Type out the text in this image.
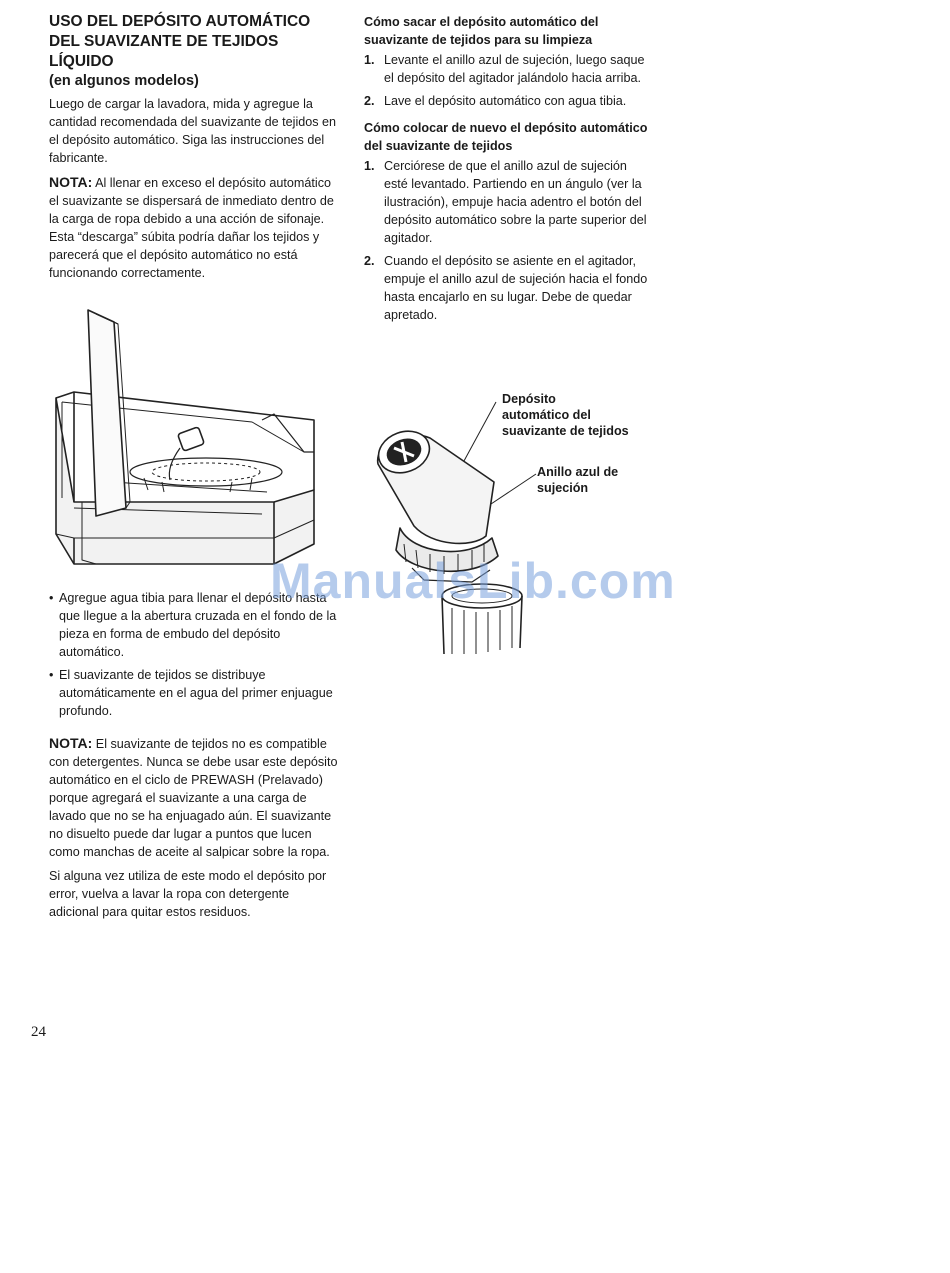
USO DEL DEPÓSITO AUTOMÁTICO
DEL SUAVIZANTE DE TEJIDOS
LÍQUIDO
(en algunos modelos)

Luego de cargar la lavadora, mida y agregue la cantidad recomendada del suavizante de tejidos en el depósito automático. Siga las instrucciones del fabricante.

NOTA: Al llenar en exceso el depósito automático el suavizante se dispersará de inmediato dentro de la carga de ropa debido a una acción de sifonaje. Esta “descarga” súbita podría dañar los tejidos y parecerá que el depósito automático no está funcionando correctamente.

• Agregue agua tibia para llenar el depósito hasta que llegue a la abertura cruzada en el fondo de la pieza en forma de embudo del depósito automático.
• El suavizante de tejidos se distribuye automáticamente en el agua del primer enjuague profundo.

NOTA: El suavizante de tejidos no es compatible con detergentes. Nunca se debe usar este depósito automático en el ciclo de PREWASH (Prelavado) porque agregará el suavizante a una carga de lavado que no se ha enjuagado aún. El suavizante no disuelto puede dar lugar a puntos que lucen como manchas de aceite al salpicar sobre la ropa.

Si alguna vez utiliza de este modo el depósito por error, vuelva a lavar la ropa con detergente adicional para quitar estos residuos.

Cómo sacar el depósito automático del suavizante de tejidos para su limpieza
1. Levante el anillo azul de sujeción, luego saque el depósito del agitador jalándolo hacia arriba.
2. Lave el depósito automático con agua tibia.
Cómo colocar de nuevo el depósito automático del suavizante de tejidos
1. Cerciórese de que el anillo azul de sujeción esté levantado. Partiendo en un ángulo (ver la ilustración), empuje hacia adentro el botón del depósito automático sobre la parte superior del agitador.
2. Cuando el depósito se asiente en el agitador, empuje el anillo azul de sujeción hacia el fondo hasta encajarlo en su lugar. Debe de quedar apretado.
Depósito
automático del
suavizante de tejidos
Anillo azul de
sujeción
ManualsLib.com
24
